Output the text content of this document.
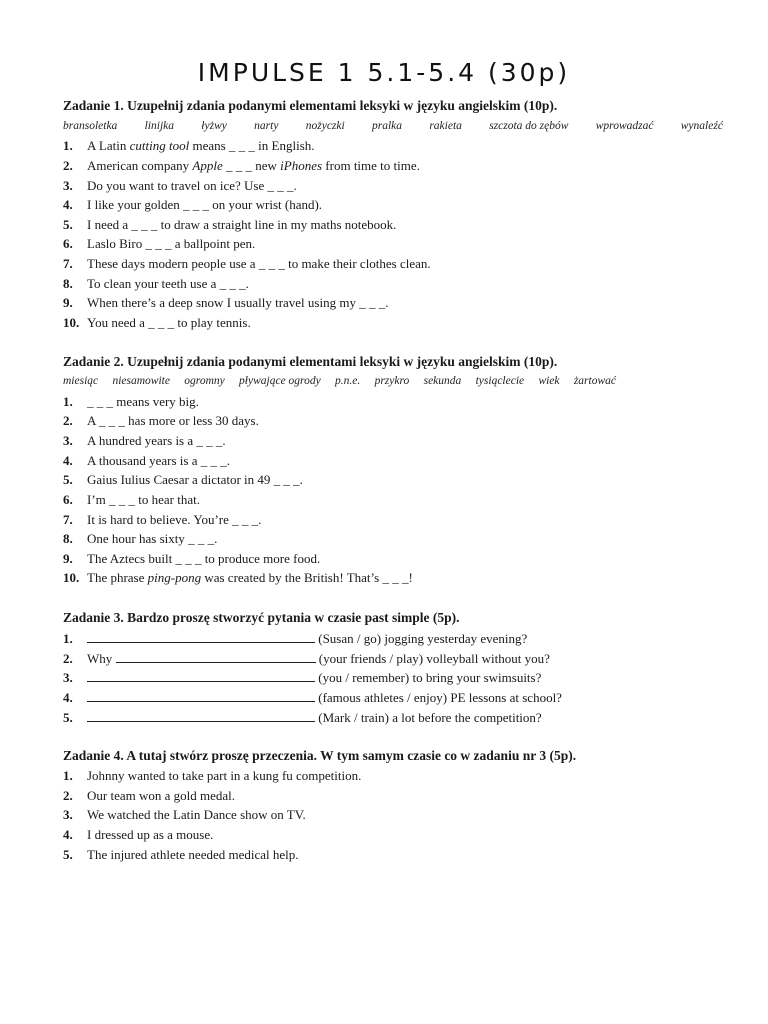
IMPULSE 1 5.1-5.4 (30p)
Zadanie 1. Uzupełnij zdania podanymi elementami leksyki w języku angielskim (10p).
bransoletka linijka łyżwy narty nożyczki pralka rakieta szczota do zębów wprowadzać wynaleźć
1. A Latin cutting tool means _ _ _ in English.
2. American company Apple _ _ _ new iPhones from time to time.
3. Do you want to travel on ice? Use _ _ _.
4. I like your golden _ _ _ on your wrist (hand).
5. I need a _ _ _ to draw a straight line in my maths notebook.
6. Laslo Biro _ _ _ a ballpoint pen.
7. These days modern people use a _ _ _ to make their clothes clean.
8. To clean your teeth use a _ _ _.
9. When there’s a deep snow I usually travel using my _ _ _.
10. You need a _ _ _ to play tennis.
Zadanie 2. Uzupełnij zdania podanymi elementami leksyki w języku angielskim (10p).
miesiąc niesamowite ogromny pływające ogrody p.n.e. przykro sekunda tysiąclecie wiek żartować
1. _ _ _ means very big.
2. A _ _ _ has more or less 30 days.
3. A hundred years is a _ _ _.
4. A thousand years is a _ _ _.
5. Gaius Iulius Caesar a dictator in 49 _ _ _.
6. I’m _ _ _ to hear that.
7. It is hard to believe. You’re _ _ _.
8. One hour has sixty _ _ _.
9. The Aztecs built _ _ _ to produce more food.
10. The phrase ping-pong was created by the British! That’s _ _ _!
Zadanie 3. Bardzo proszę stworzyć pytania w czasie past simple (5p).
1.	(Susan / go) jogging yesterday evening?
2. Why	(your friends / play) volleyball without you?
3.	(you / remember) to bring your swimsuits?
4.	(famous athletes / enjoy) PE lessons at school?
5.	(Mark / train) a lot before the competition?
Zadanie 4. A tutaj stwórz proszę przeczenia. W tym samym czasie co w zadaniu nr 3 (5p).
1. Johnny wanted to take part in a kung fu competition.
2. Our team won a gold medal.
3. We watched the Latin Dance show on TV.
4. I dressed up as a mouse.
5. The injured athlete needed medical help.
